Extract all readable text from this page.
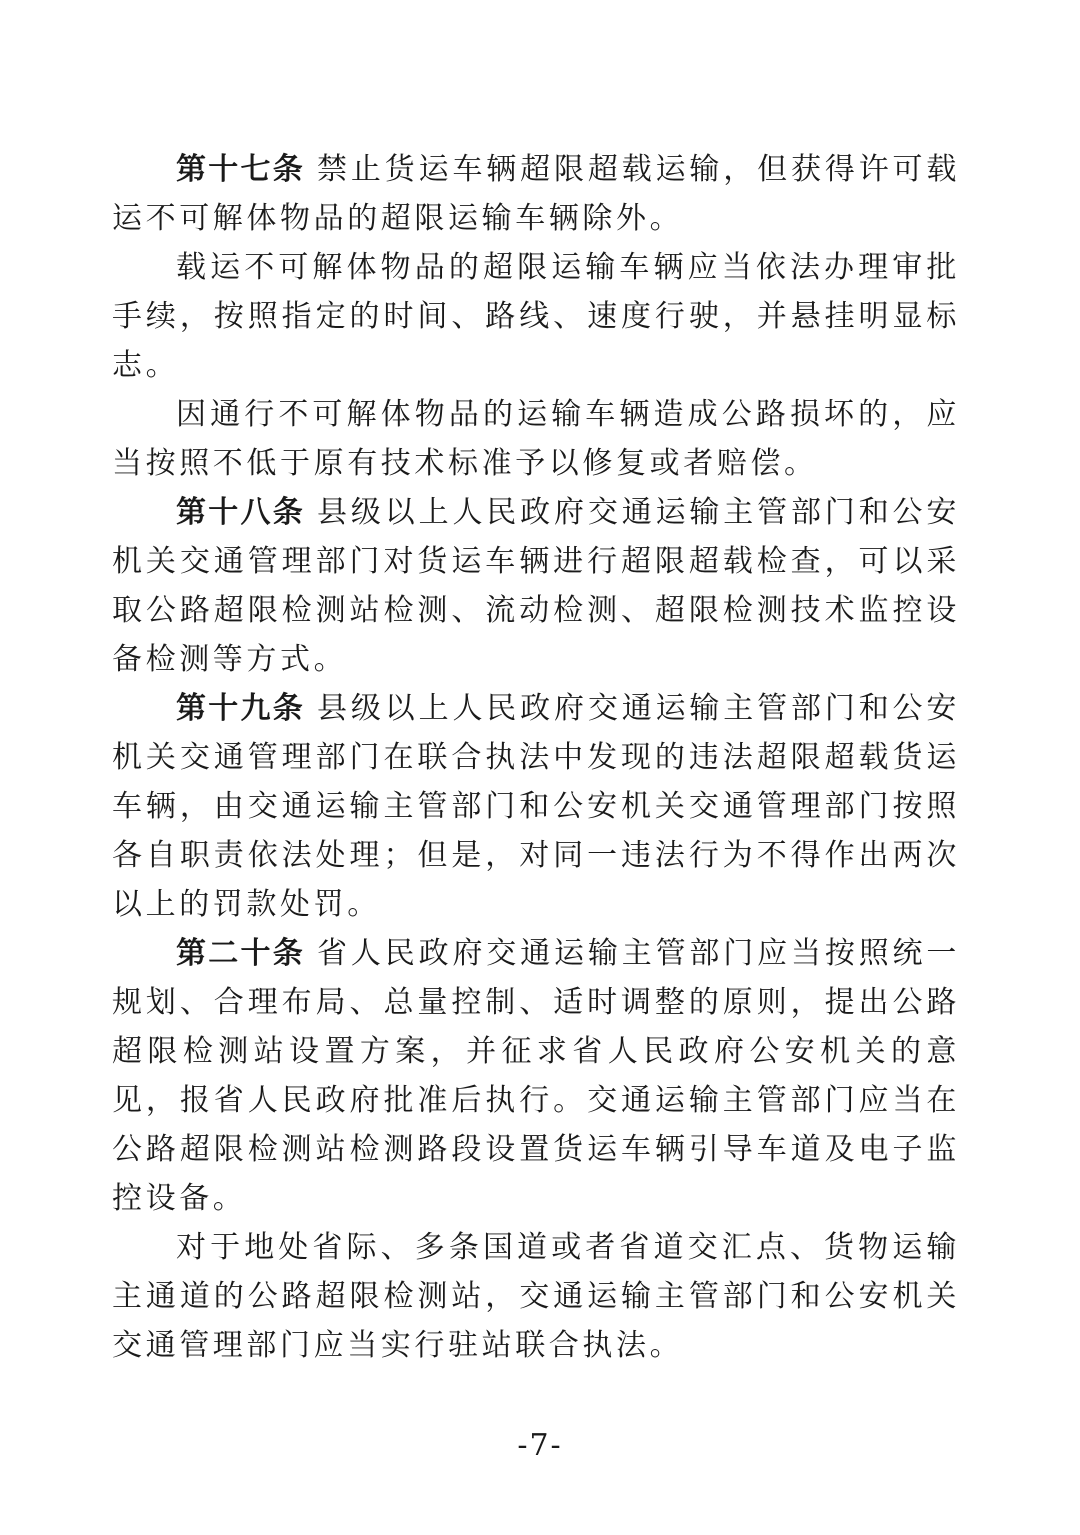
第十七条 禁止货运车辆超限超载运输，但获得许可载运不可解体物品的超限运输车辆除外。

载运不可解体物品的超限运输车辆应当依法办理审批手续，按照指定的时间、路线、速度行驶，并悬挂明显标志。

因通行不可解体物品的运输车辆造成公路损坏的，应当按照不低于原有技术标准予以修复或者赔偿。

第十八条 县级以上人民政府交通运输主管部门和公安机关交通管理部门对货运车辆进行超限超载检查，可以采取公路超限检测站检测、流动检测、超限检测技术监控设备检测等方式。

第十九条 县级以上人民政府交通运输主管部门和公安机关交通管理部门在联合执法中发现的违法超限超载货运车辆，由交通运输主管部门和公安机关交通管理部门按照各自职责依法处理；但是，对同一违法行为不得作出两次以上的罚款处罚。

第二十条 省人民政府交通运输主管部门应当按照统一规划、合理布局、总量控制、适时调整的原则，提出公路超限检测站设置方案，并征求省人民政府公安机关的意见，报省人民政府批准后执行。交通运输主管部门应当在公路超限检测站检测路段设置货运车辆引导车道及电子监控设备。

对于地处省际、多条国道或者省道交汇点、货物运输主通道的公路超限检测站，交通运输主管部门和公安机关交通管理部门应当实行驻站联合执法。

-7-
